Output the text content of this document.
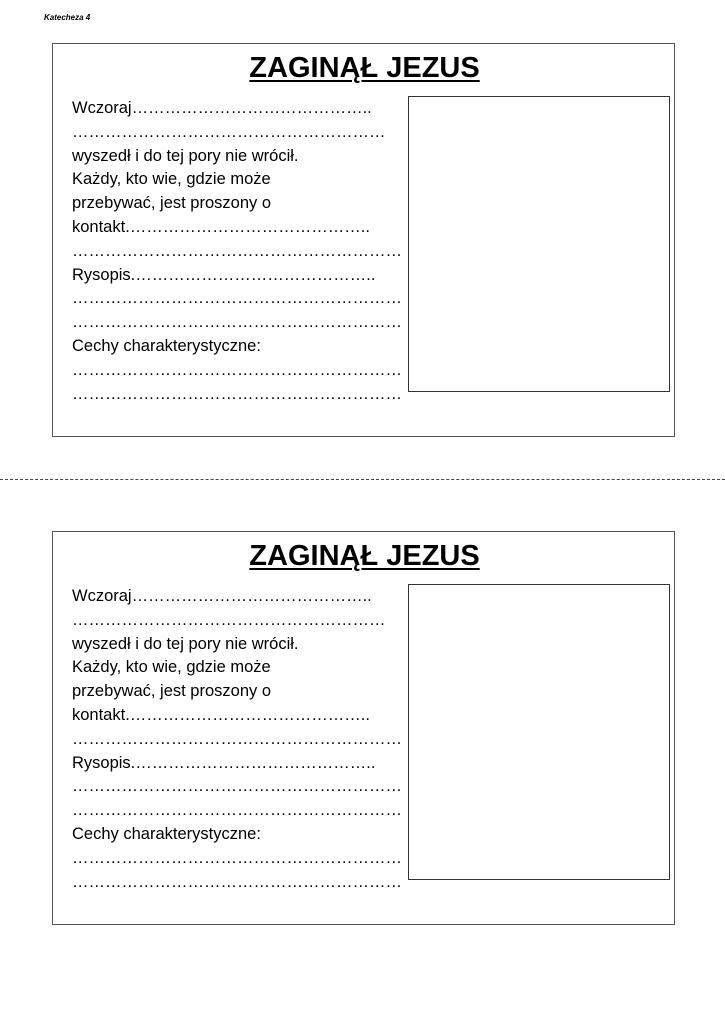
Katecheza 4
ZAGINĄŁ JEZUS
Wczoraj……………………………………..
…………………………………………………
wyszedł i do tej pory nie wrócił.
Każdy, kto wie, gdzie może
przebywać, jest proszony o
kontakt.……………………………………..
……………………………………………………
Rysopis.……………………………………..
……………………………………………………
……………………………………………………
Cechy charakterystyczne:
……………………………………………………
……………………………………………………
ZAGINĄŁ JEZUS
Wczoraj……………………………………..
…………………………………………………
wyszedł i do tej pory nie wrócił.
Każdy, kto wie, gdzie może
przebywać, jest proszony o
kontakt.……………………………………..
……………………………………………………
Rysopis.……………………………………..
……………………………………………………
……………………………………………………
Cechy charakterystyczne:
……………………………………………………
……………………………………………………
